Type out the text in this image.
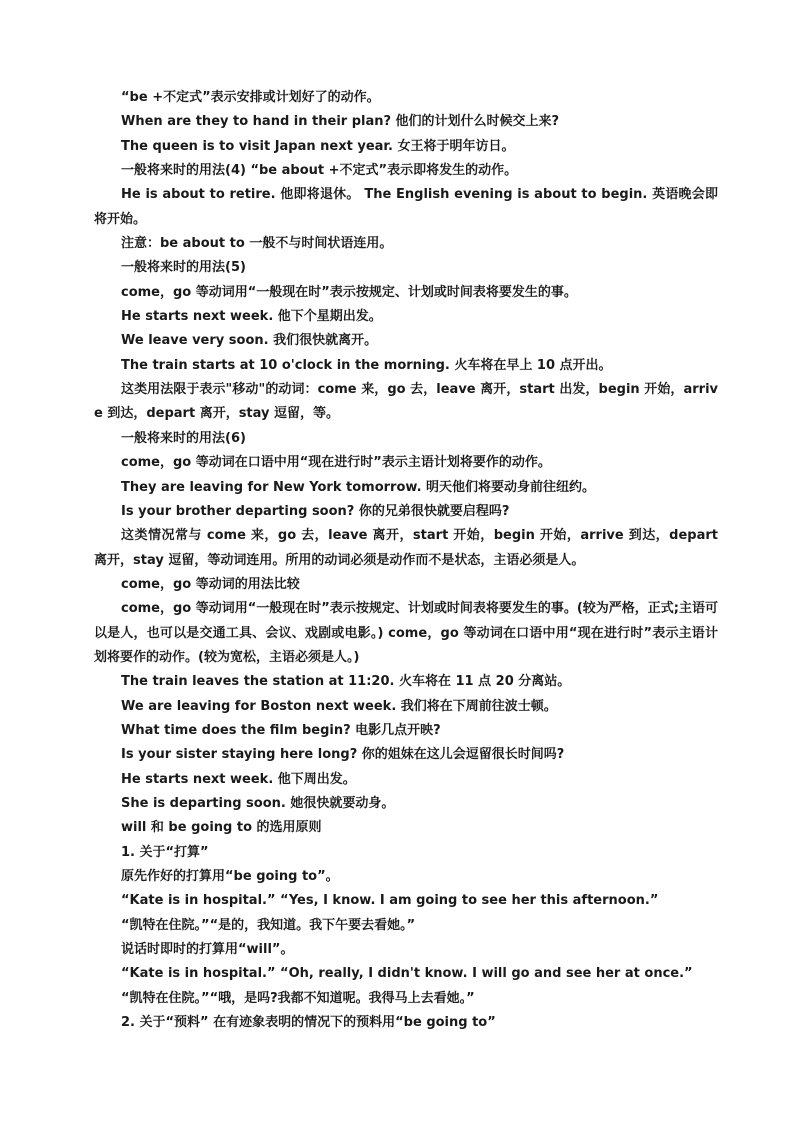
“be +不定式”表示安排或计划好了的动作。
When are they to hand in their plan? 他们的计划什么时候交上来?
The queen is to visit Japan next year. 女王将于明年访日。
一般将来时的用法(4) “be about +不定式”表示即将发生的动作。
He is about to retire. 他即将退休。 The English evening is about to begin. 英语晚会即将开始。
注意：be about to 一般不与时间状语连用。
一般将来时的用法(5)
come，go 等动词用“一般现在时”表示按规定、计划或时间表将要发生的事。
He starts next week. 他下个星期出发。
We leave very soon. 我们很快就离开。
The train starts at 10 o'clock in the morning. 火车将在早上 10 点开出。
这类用法限于表示"移动"的动词：come 来，go 去，leave 离开，start 出发，begin 开始，arrive 到达，depart 离开，stay 逗留，等。
一般将来时的用法(6)
come，go 等动词在口语中用“现在进行时”表示主语计划将要作的动作。
They are leaving for New York tomorrow. 明天他们将要动身前往纽约。
Is your brother departing soon? 你的兄弟很快就要启程吗?
这类情况常与 come 来，go 去，leave 离开，start 开始，begin 开始，arrive 到达，depart 离开，stay 逗留，等动词连用。所用的动词必须是动作而不是状态，主语必须是人。
come，go 等动词的用法比较
come，go 等动词用“一般现在时”表示按规定、计划或时间表将要发生的事。(较为严格，正式;主语可以是人，也可以是交通工具、会议、戏剧或电影。) come，go 等动词在口语中用“现在进行时”表示主语计划将要作的动作。(较为宽松，主语必须是人。)
The train leaves the station at 11:20. 火车将在 11 点 20 分离站。
We are leaving for Boston next week. 我们将在下周前往波士顿。
What time does the film begin? 电影几点开映?
Is your sister staying here long? 你的姐妹在这儿会逗留很长时间吗?
He starts next week. 他下周出发。
She is departing soon. 她很快就要动身。
will 和 be going to 的选用原则
1. 关于“打算”
原先作好的打算用“be going to”。
“Kate is in hospital.” “Yes, I know. I am going to see her this afternoon.”
“凯特在住院。”“是的，我知道。我下午要去看她。”
说话时即时的打算用“will”。
“Kate is in hospital.” “Oh, really, I didn't know. I will go and see her at once.”
“凯特在住院。”“哦，是吗?我都不知道呢。我得马上去看她。”
2. 关于“预料” 在有迹象表明的情况下的预料用“be going to”
